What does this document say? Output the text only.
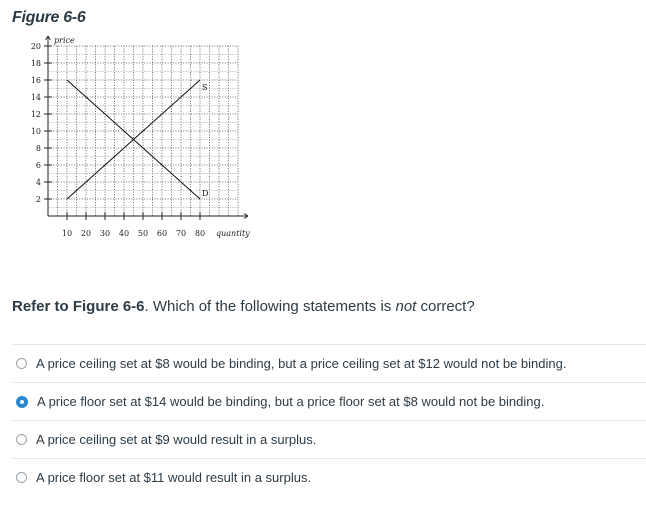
Figure 6-6
2
4
6
8
10
12
14
16
18
20
10 20 30 40 50 60 70 80
price
quantity
S
D
Refer to Figure 6-6. Which of the following statements is not correct?
A price ceiling set at $8 would be binding, but a price ceiling set at $12 would not be binding.
A price floor set at $14 would be binding, but a price floor set at $8 would not be binding.
A price ceiling set at $9 would result in a surplus.
A price floor set at $11 would result in a surplus.
